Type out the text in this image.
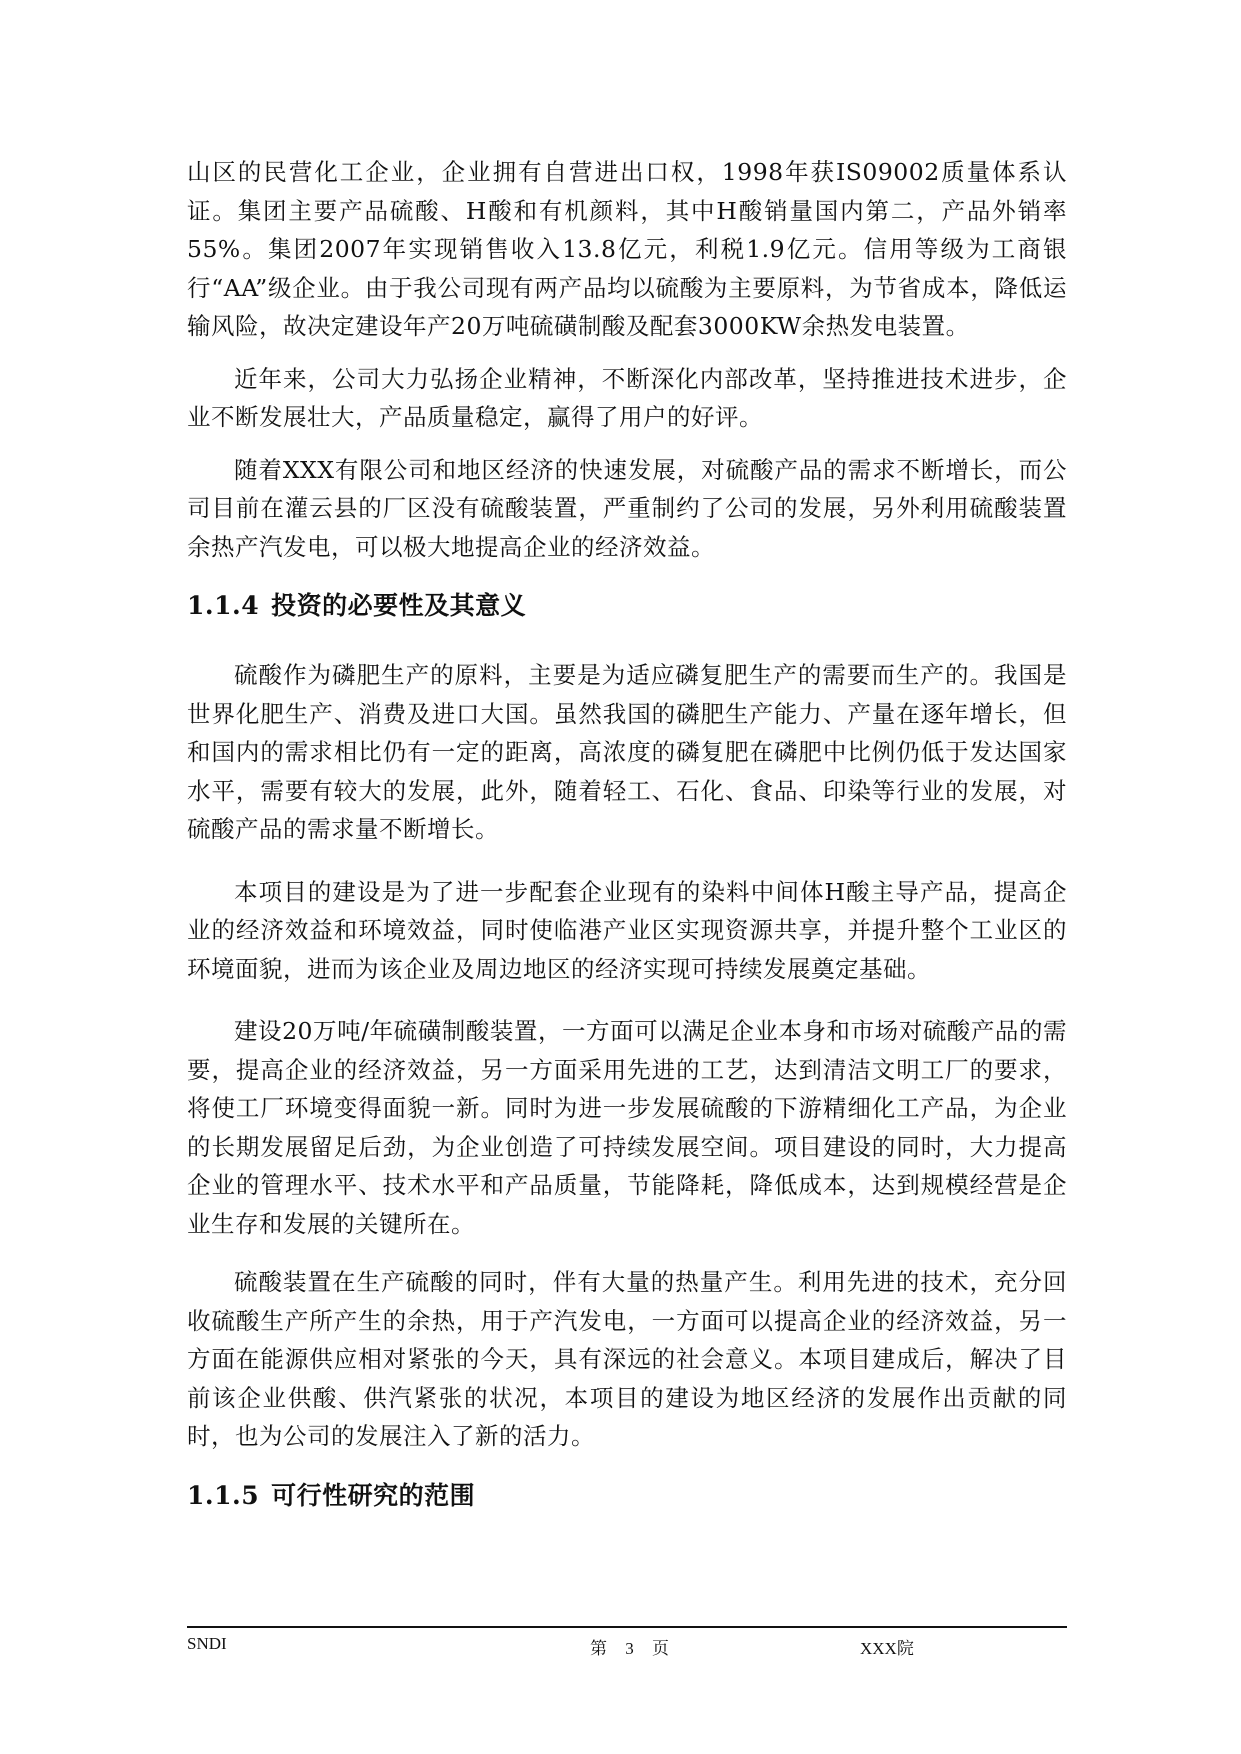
山区的民营化工企业，企业拥有自营进出口权，1998年获IS09002质量体系认证。集团主要产品硫酸、H酸和有机颜料，其中H酸销量国内第二，产品外销率55%。集团2007年实现销售收入13.8亿元，利税1.9亿元。信用等级为工商银行“AA”级企业。由于我公司现有两产品均以硫酸为主要原料，为节省成本，降低运输风险，故决定建设年产20万吨硫磺制酸及配套3000KW余热发电装置。

近年来，公司大力弘扬企业精神，不断深化内部改革，坚持推进技术进步，企业不断发展壮大，产品质量稳定，赢得了用户的好评。

随着XXX有限公司和地区经济的快速发展，对硫酸产品的需求不断增长，而公司目前在灌云县的厂区没有硫酸装置，严重制约了公司的发展，另外利用硫酸装置余热产汽发电，可以极大地提高企业的经济效益。

1.1.4 投资的必要性及其意义

硫酸作为磷肥生产的原料，主要是为适应磷复肥生产的需要而生产的。我国是世界化肥生产、消费及进口大国。虽然我国的磷肥生产能力、产量在逐年增长，但和国内的需求相比仍有一定的距离，高浓度的磷复肥在磷肥中比例仍低于发达国家水平，需要有较大的发展，此外，随着轻工、石化、食品、印染等行业的发展，对硫酸产品的需求量不断增长。

本项目的建设是为了进一步配套企业现有的染料中间体H酸主导产品，提高企业的经济效益和环境效益，同时使临港产业区实现资源共享，并提升整个工业区的环境面貌，进而为该企业及周边地区的经济实现可持续发展奠定基础。

建设20万吨/年硫磺制酸装置，一方面可以满足企业本身和市场对硫酸产品的需要，提高企业的经济效益，另一方面采用先进的工艺，达到清洁文明工厂的要求，将使工厂环境变得面貌一新。同时为进一步发展硫酸的下游精细化工产品，为企业的长期发展留足后劲，为企业创造了可持续发展空间。项目建设的同时，大力提高企业的管理水平、技术水平和产品质量，节能降耗，降低成本，达到规模经营是企业生存和发展的关键所在。

硫酸装置在生产硫酸的同时，伴有大量的热量产生。利用先进的技术，充分回收硫酸生产所产生的余热，用于产汽发电，一方面可以提高企业的经济效益，另一方面在能源供应相对紧张的今天，具有深远的社会意义。本项目建成后，解决了目前该企业供酸、供汽紧张的状况，本项目的建设为地区经济的发展作出贡献的同时，也为公司的发展注入了新的活力。

1.1.5 可行性研究的范围
SNDI	第 3 页	XXX院
